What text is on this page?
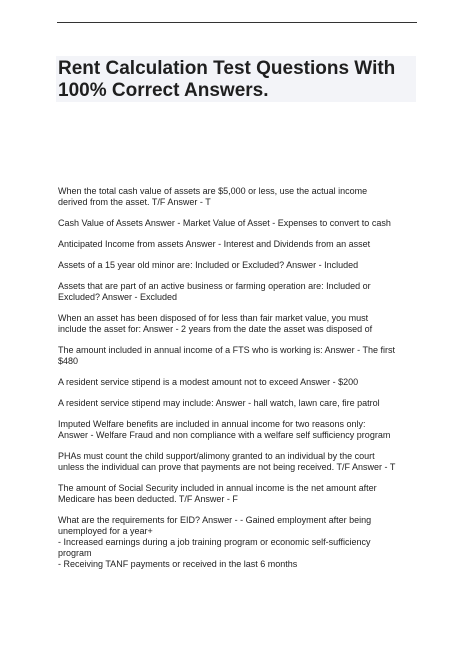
Rent Calculation Test Questions With
100% Correct Answers.
When the total cash value of assets are $5,000 or less, use the actual income
derived from the asset. T/F Answer - T
Cash Value of Assets Answer - Market Value of Asset - Expenses to convert to cash
Anticipated Income from assets Answer - Interest and Dividends from an asset
Assets of a 15 year old minor are: Included or Excluded? Answer - Included
Assets that are part of an active business or farming operation are: Included or
Excluded? Answer - Excluded
When an asset has been disposed of for less than fair market value, you must
include the asset for: Answer - 2 years from the date the asset was disposed of
The amount included in annual income of a FTS who is working is: Answer - The first
$480
A resident service stipend is a modest amount not to exceed Answer - $200
A resident service stipend may include: Answer - hall watch, lawn care, fire patrol
Imputed Welfare benefits are included in annual income for two reasons only:
Answer - Welfare Fraud and non compliance with a welfare self sufficiency program
PHAs must count the child support/alimony granted to an individual by the court
unless the individual can prove that payments are not being received. T/F Answer - T
The amount of Social Security included in annual income is the net amount after
Medicare has been deducted. T/F Answer - F
What are the requirements for EID? Answer - - Gained employment after being
unemployed for a year+
- Increased earnings during a job training program or economic self-sufficiency
program
- Receiving TANF payments or received in the last 6 months
